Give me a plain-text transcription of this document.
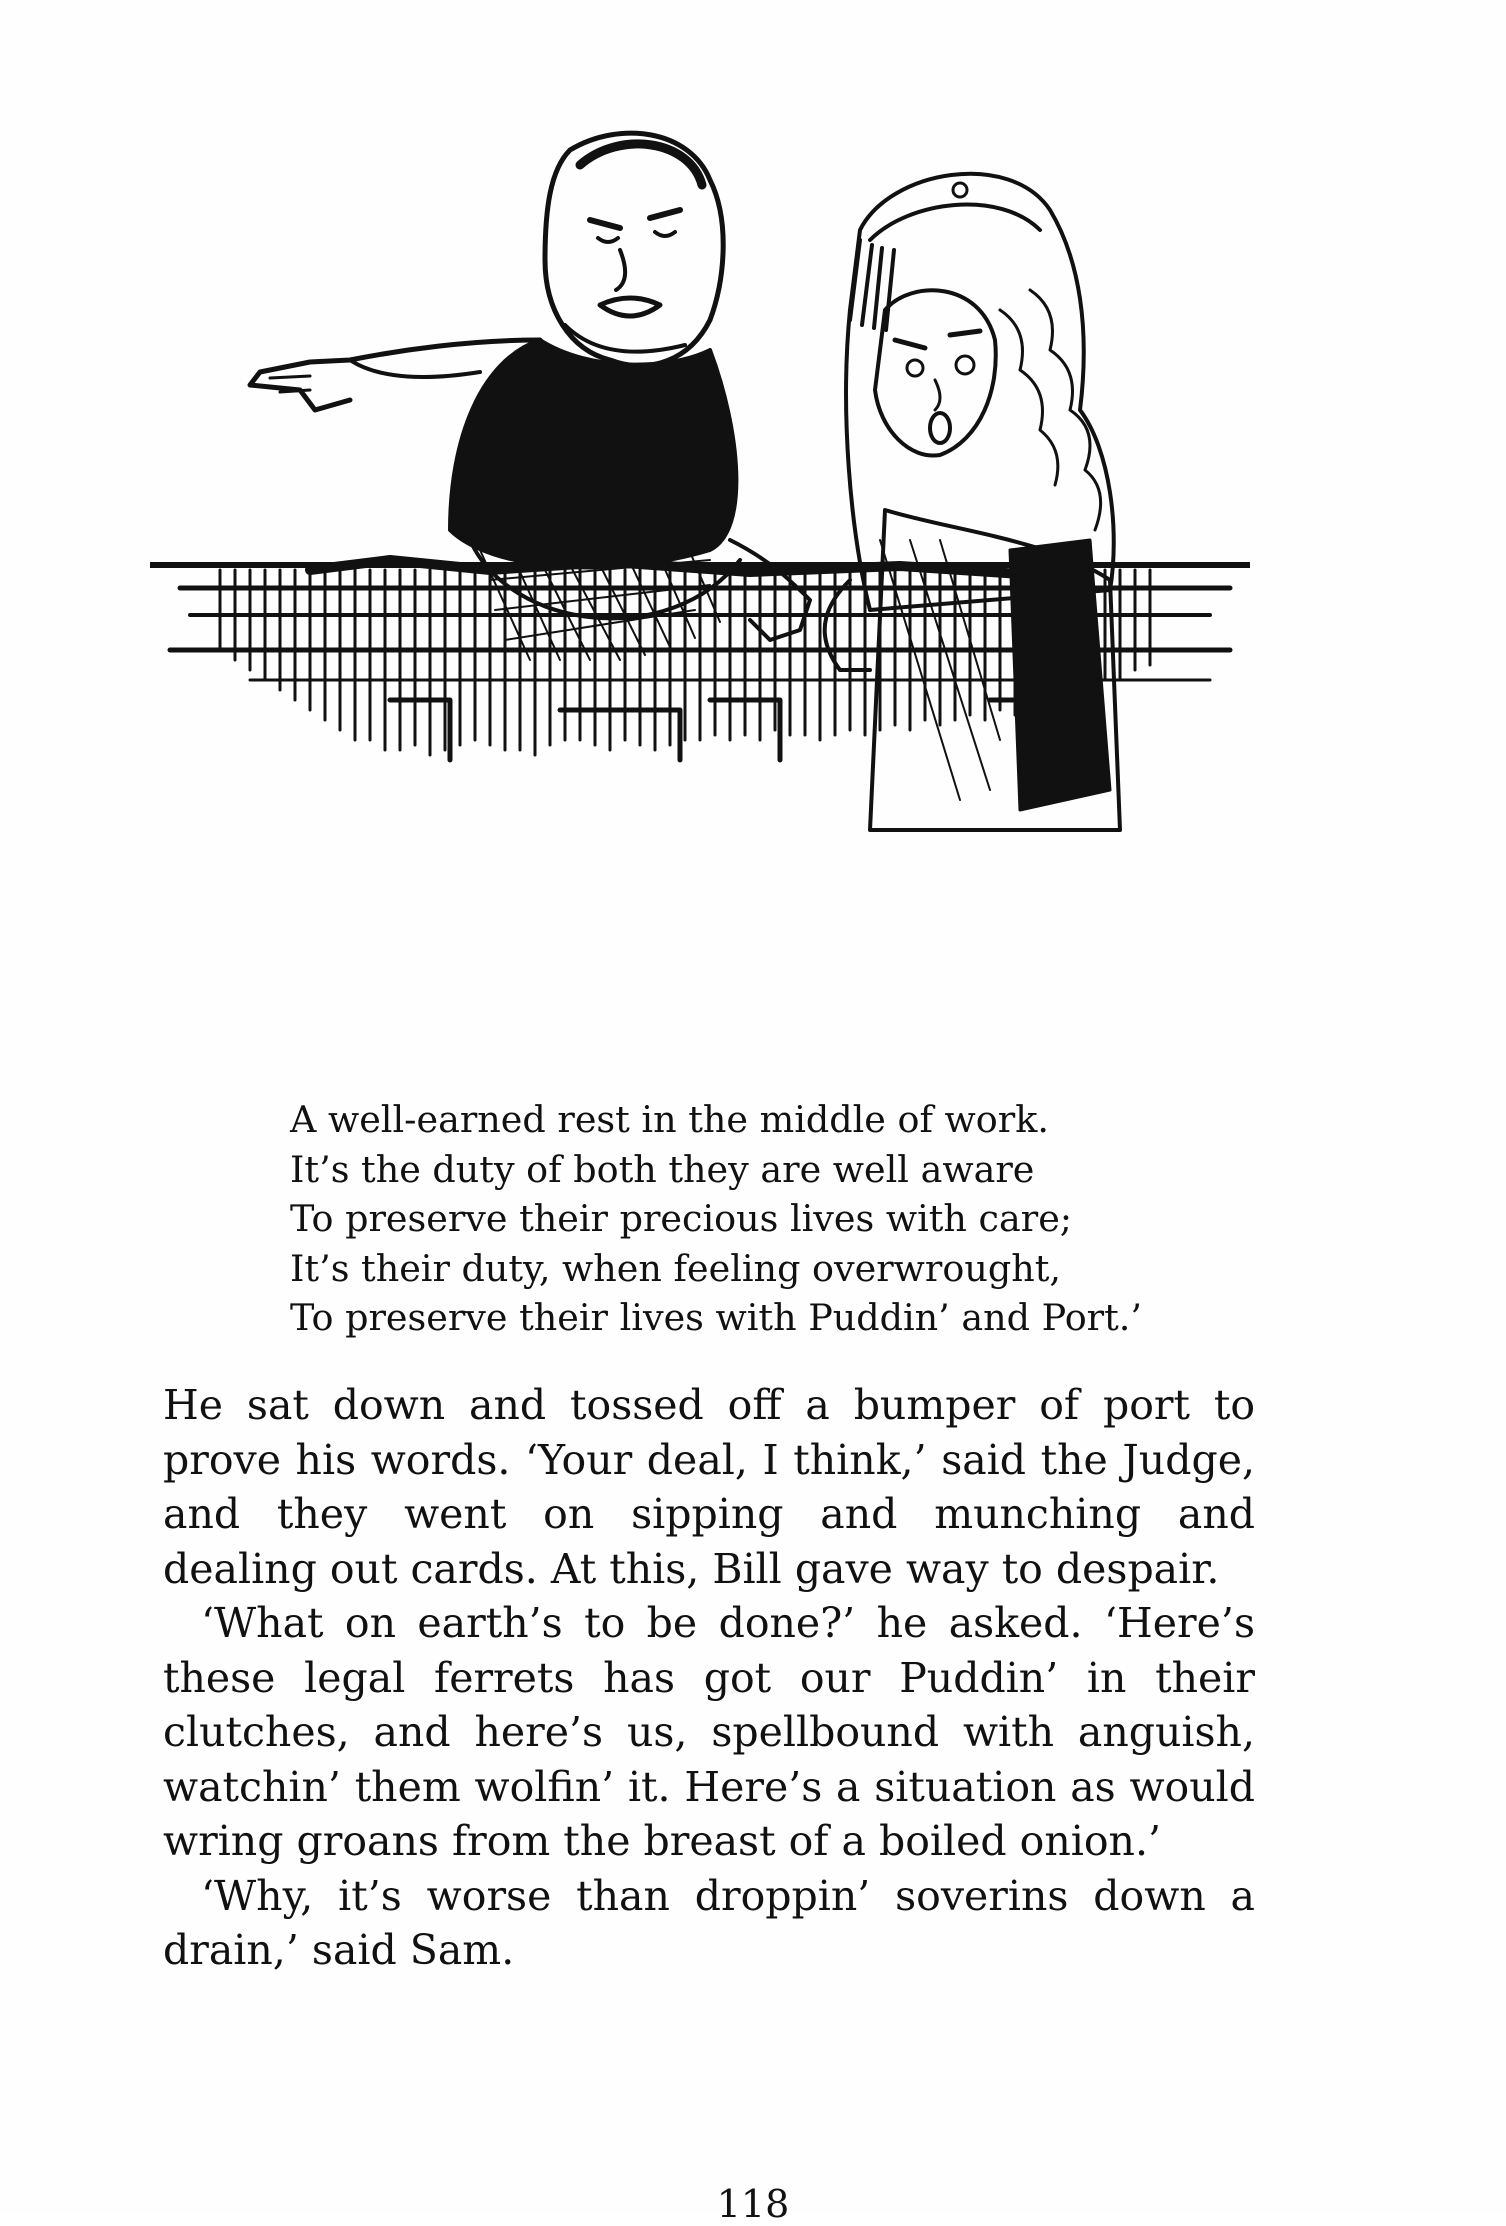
A well-earned rest in the middle of work.
It’s the duty of both they are well aware
To preserve their precious lives with care;
It’s their duty, when feeling overwrought,
To preserve their lives with Puddin’ and Port.’

He sat down and tossed off a bumper of port to prove his words. ‘Your deal, I think,’ said the Judge, and they went on sipping and munching and dealing out cards. At this, Bill gave way to despair.

‘What on earth’s to be done?’ he asked. ‘Here’s these legal ferrets has got our Puddin’ in their clutches, and here’s us, spellbound with anguish, watchin’ them wolfin’ it. Here’s a situation as would wring groans from the breast of a boiled onion.’

‘Why, it’s worse than droppin’ soverins down a drain,’ said Sam.

118
